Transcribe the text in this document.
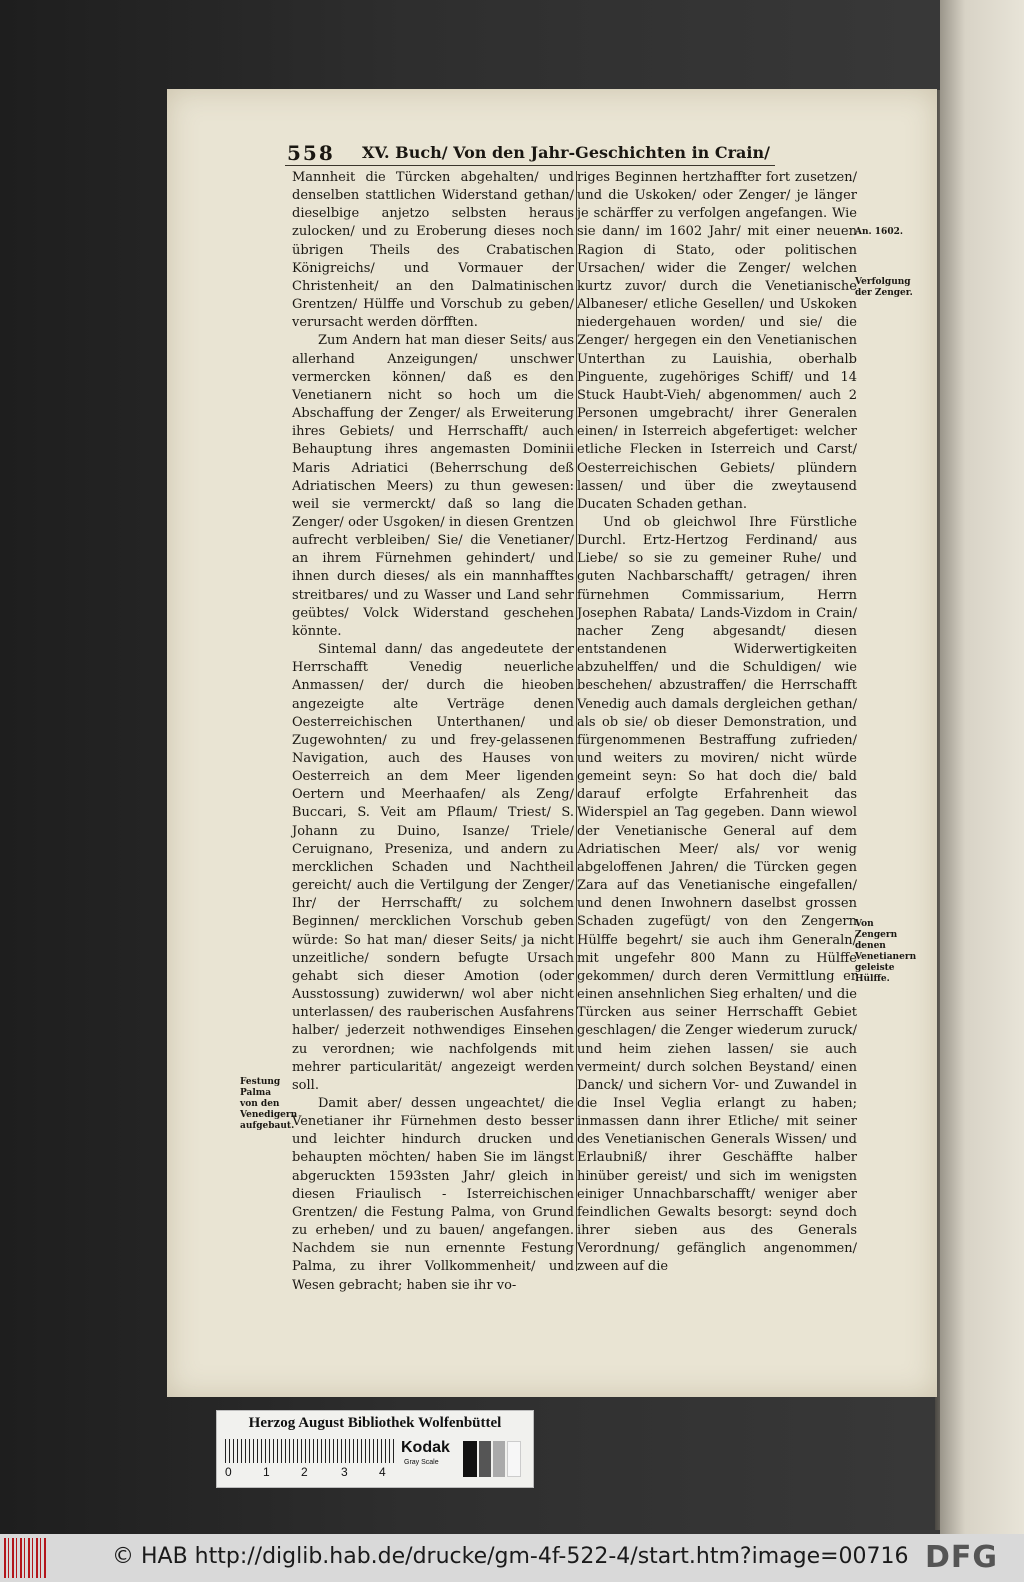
558 XV. Buch/ Von den Jahr-Geschichten in Crain/

Mannheit die Türcken abgehalten/ und denselben stattlichen Widerstand gethan/ dieselbige anjetzo selbsten heraus zulocken/ und zu Eroberung dieses noch übrigen Theils des Crabatischen Königreichs/ und Vormauer der Christenheit/ an den Dalmatinischen Grentzen/ Hülffe und Vorschub zu geben/ verursacht werden dörfften.

Zum Andern hat man dieser Seits/ aus allerhand Anzeigungen/ unschwer vermercken können/ daß es den Venetianern nicht so hoch um die Abschaffung der Zenger/ als Erweiterung ihres Gebiets/ und Herrschafft/ auch Behauptung ihres angemasten Dominii Maris Adriatici (Beherrschung deß Adriatischen Meers) zu thun gewesen: weil sie vermerckt/ daß so lang die Zenger/ oder Usgoken/ in diesen Grentzen aufrecht verbleiben/ Sie/ die Venetianer/ an ihrem Fürnehmen gehindert/ und ihnen durch dieses/ als ein mannhafftes streitbares/ und zu Wasser und Land sehr geübtes/ Volck Widerstand geschehen könnte.

Sintemal dann/ das angedeutete der Herrschafft Venedig neuerliche Anmassen/ der/ durch die hieoben angezeigte alte Verträge denen Oesterreichischen Unterthanen/ und Zugewohnten/ zu und frey-gelassenen Navigation, auch des Hauses von Oesterreich an dem Meer ligenden Oertern und Meerhaafen/ als Zeng/ Buccari, S. Veit am Pflaum/ Triest/ S. Johann zu Duino, Isanze/ Triele/ Ceruignano, Preseniza, und andern zu mercklichen Schaden und Nachtheil gereicht/ auch die Vertilgung der Zenger/ Ihr/ der Herrschafft/ zu solchem Beginnen/ mercklichen Vorschub geben würde: So hat man/ dieser Seits/ ja nicht unzeitliche/ sondern befugte Ursach gehabt sich dieser Amotion (oder Ausstossung) zuwiderwn/ wol aber nicht unterlassen/ des rauberischen Ausfahrens halber/ jederzeit nothwendiges Einsehen zu verordnen; wie nachfolgends mit mehrer particularität/ angezeigt werden soll.

Damit aber/ dessen ungeachtet/ die Venetianer ihr Fürnehmen desto besser und leichter hindurch drucken und behaupten möchten/ haben Sie im längst abgeruckten 1593sten Jahr/ gleich in diesen Friaulisch - Isterreichischen Grentzen/ die Festung Palma, von Grund zu erheben/ und zu bauen/ angefangen. Nachdem sie nun ernennte Festung Palma, zu ihrer Vollkommenheit/ und Wesen gebracht; haben sie ihr vo-

riges Beginnen hertzhaffter fort zusetzen/ und die Uskoken/ oder Zenger/ je länger je schärffer zu verfolgen angefangen. Wie sie dann/ im 1602 Jahr/ mit einer neuen Ragion di Stato, oder politischen Ursachen/ wider die Zenger/ welchen kurtz zuvor/ durch die Venetianische Albaneser/ etliche Gesellen/ und Uskoken niedergehauen worden/ und sie/ die Zenger/ hergegen ein den Venetianischen Unterthan zu Lauishia, oberhalb Pinguente, zugehöriges Schiff/ und 14 Stuck Haubt-Vieh/ abgenommen/ auch 2 Personen umgebracht/ ihrer Generalen einen/ in Isterreich abgefertiget: welcher etliche Flecken in Isterreich und Carst/ Oesterreichischen Gebiets/ plündern lassen/ und über die zweytausend Ducaten Schaden gethan.

Und ob gleichwol Ihre Fürstliche Durchl. Ertz-Hertzog Ferdinand/ aus Liebe/ so sie zu gemeiner Ruhe/ und guten Nachbarschafft/ getragen/ ihren fürnehmen Commissarium, Herrn Josephen Rabata/ Lands-Vizdom in Crain/ nacher Zeng abgesandt/ diesen entstandenen Widerwertigkeiten abzuhelffen/ und die Schuldigen/ wie beschehen/ abzustraffen/ die Herrschafft Venedig auch damals dergleichen gethan/ als ob sie/ ob dieser Demonstration, und fürgenommenen Bestraffung zufrieden/ und weiters zu moviren/ nicht würde gemeint seyn: So hat doch die/ bald darauf erfolgte Erfahrenheit das Widerspiel an Tag gegeben. Dann wiewol der Venetianische General auf dem Adriatischen Meer/ als/ vor wenig abgeloffenen Jahren/ die Türcken gegen Zara auf das Venetianische eingefallen/ und denen Inwohnern daselbst grossen Schaden zugefügt/ von den Zengern Hülffe begehrt/ sie auch ihm Generaln/ mit ungefehr 800 Mann zu Hülffe gekommen/ durch deren Vermittlung er einen ansehnlichen Sieg erhalten/ und die Türcken aus seiner Herrschafft Gebiet geschlagen/ die Zenger wiederum zuruck/ und heim ziehen lassen/ sie auch vermeint/ durch solchen Beystand/ einen Danck/ und sichern Vor- und Zuwandel in die Insel Veglia erlangt zu haben; inmassen dann ihrer Etliche/ mit seiner des Venetianischen Generals Wissen/ und Erlaubniß/ ihrer Geschäffte halber hinüber gereist/ und sich im wenigsten einiger Unnachbarschafft/ weniger aber feindlichen Gewalts besorgt: seynd doch ihrer sieben aus des Generals Verordnung/ gefänglich angenommen/ zween auf die

An. 1602.
Verfolgung der Zenger.
Von Zengern denen Venetianern geleiste Hülffe.
Festung Palma von den Venedigern aufgebaut.
Herzog August Bibliothek Wolfenbüttel
0	1	2	3	4
Kodak
Gray Scale
© HAB http://diglib.hab.de/drucke/gm-4f-522-4/start.htm?image=00716 DFG
